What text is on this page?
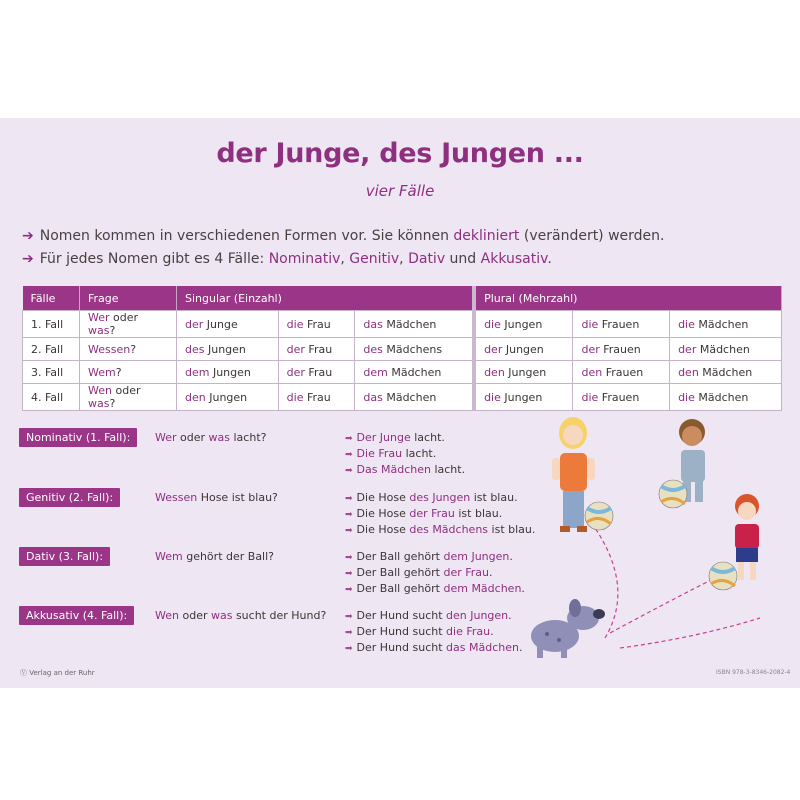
der Junge, des Jungen ...
vier Fälle
➔ Nomen kommen in verschiedenen Formen vor. Sie können dekliniert (verändert) werden.
➔ Für jedes Nomen gibt es 4 Fälle: Nominativ, Genitiv, Dativ und Akkusativ.
Fälle	Frage	Singular (Einzahl)			Plural (Mehrzahl)		
1. Fall	Wer oder was?	der Junge	die Frau	das Mädchen	die Jungen	die Frauen	die Mädchen
2. Fall	Wessen?	des Jungen	der Frau	des Mädchens	der Jungen	der Frauen	der Mädchen
3. Fall	Wem?	dem Jungen	der Frau	dem Mädchen	den Jungen	den Frauen	den Mädchen
4. Fall	Wen oder was?	den Jungen	die Frau	das Mädchen	die Jungen	die Frauen	die Mädchen
Nominativ (1. Fall):	Wer oder was lacht?	➡ Der Junge lacht.
➡ Die Frau lacht.
➡ Das Mädchen lacht.
Genitiv (2. Fall):	Wessen Hose ist blau?	➡ Die Hose des Jungen ist blau.
➡ Die Hose der Frau ist blau.
➡ Die Hose des Mädchens ist blau.
Dativ (3. Fall):	Wem gehört der Ball?	➡ Der Ball gehört dem Jungen.
➡ Der Ball gehört der Frau.
➡ Der Ball gehört dem Mädchen.
Akkusativ (4. Fall):	Wen oder was sucht der Hund? ➡ Der Hund sucht den Jungen.
➡ Der Hund sucht die Frau.
➡ Der Hund sucht das Mädchen.
Ⓥ Verlag an der Ruhr	ISBN 978-3-8346-2082-4
